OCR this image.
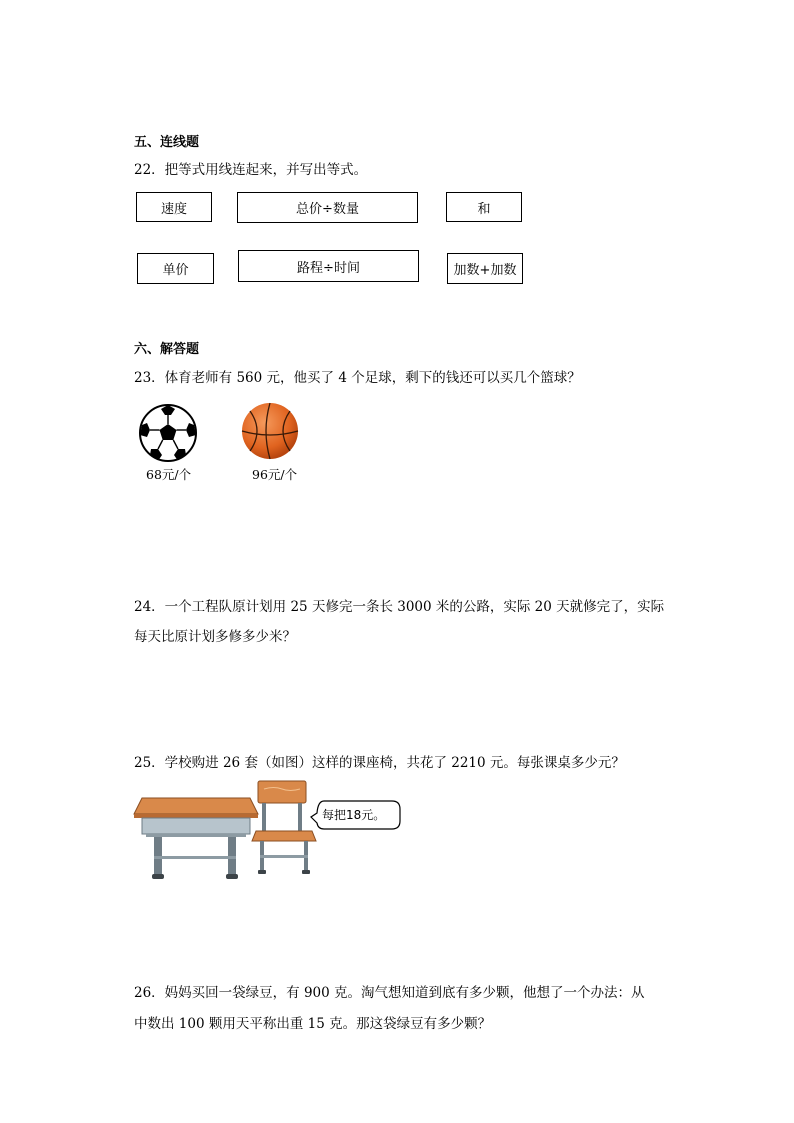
五、连线题
22．把等式用线连起来，并写出等式。
速度	总价÷数量	和
单价	路程÷时间	加数+加数
六、解答题
23．体育老师有 560 元，他买了 4 个足球，剩下的钱还可以买几个篮球？
68元/个	96元/个
24．一个工程队原计划用 25 天修完一条长 3000 米的公路，实际 20 天就修完了，实际
每天比原计划多修多少米？
25．学校购进 26 套（如图）这样的课座椅，共花了 2210 元。每张课桌多少元？
每把18元。
26．妈妈买回一袋绿豆，有 900 克。淘气想知道到底有多少颗，他想了一个办法：从
中数出 100 颗用天平称出重 15 克。那这袋绿豆有多少颗？
